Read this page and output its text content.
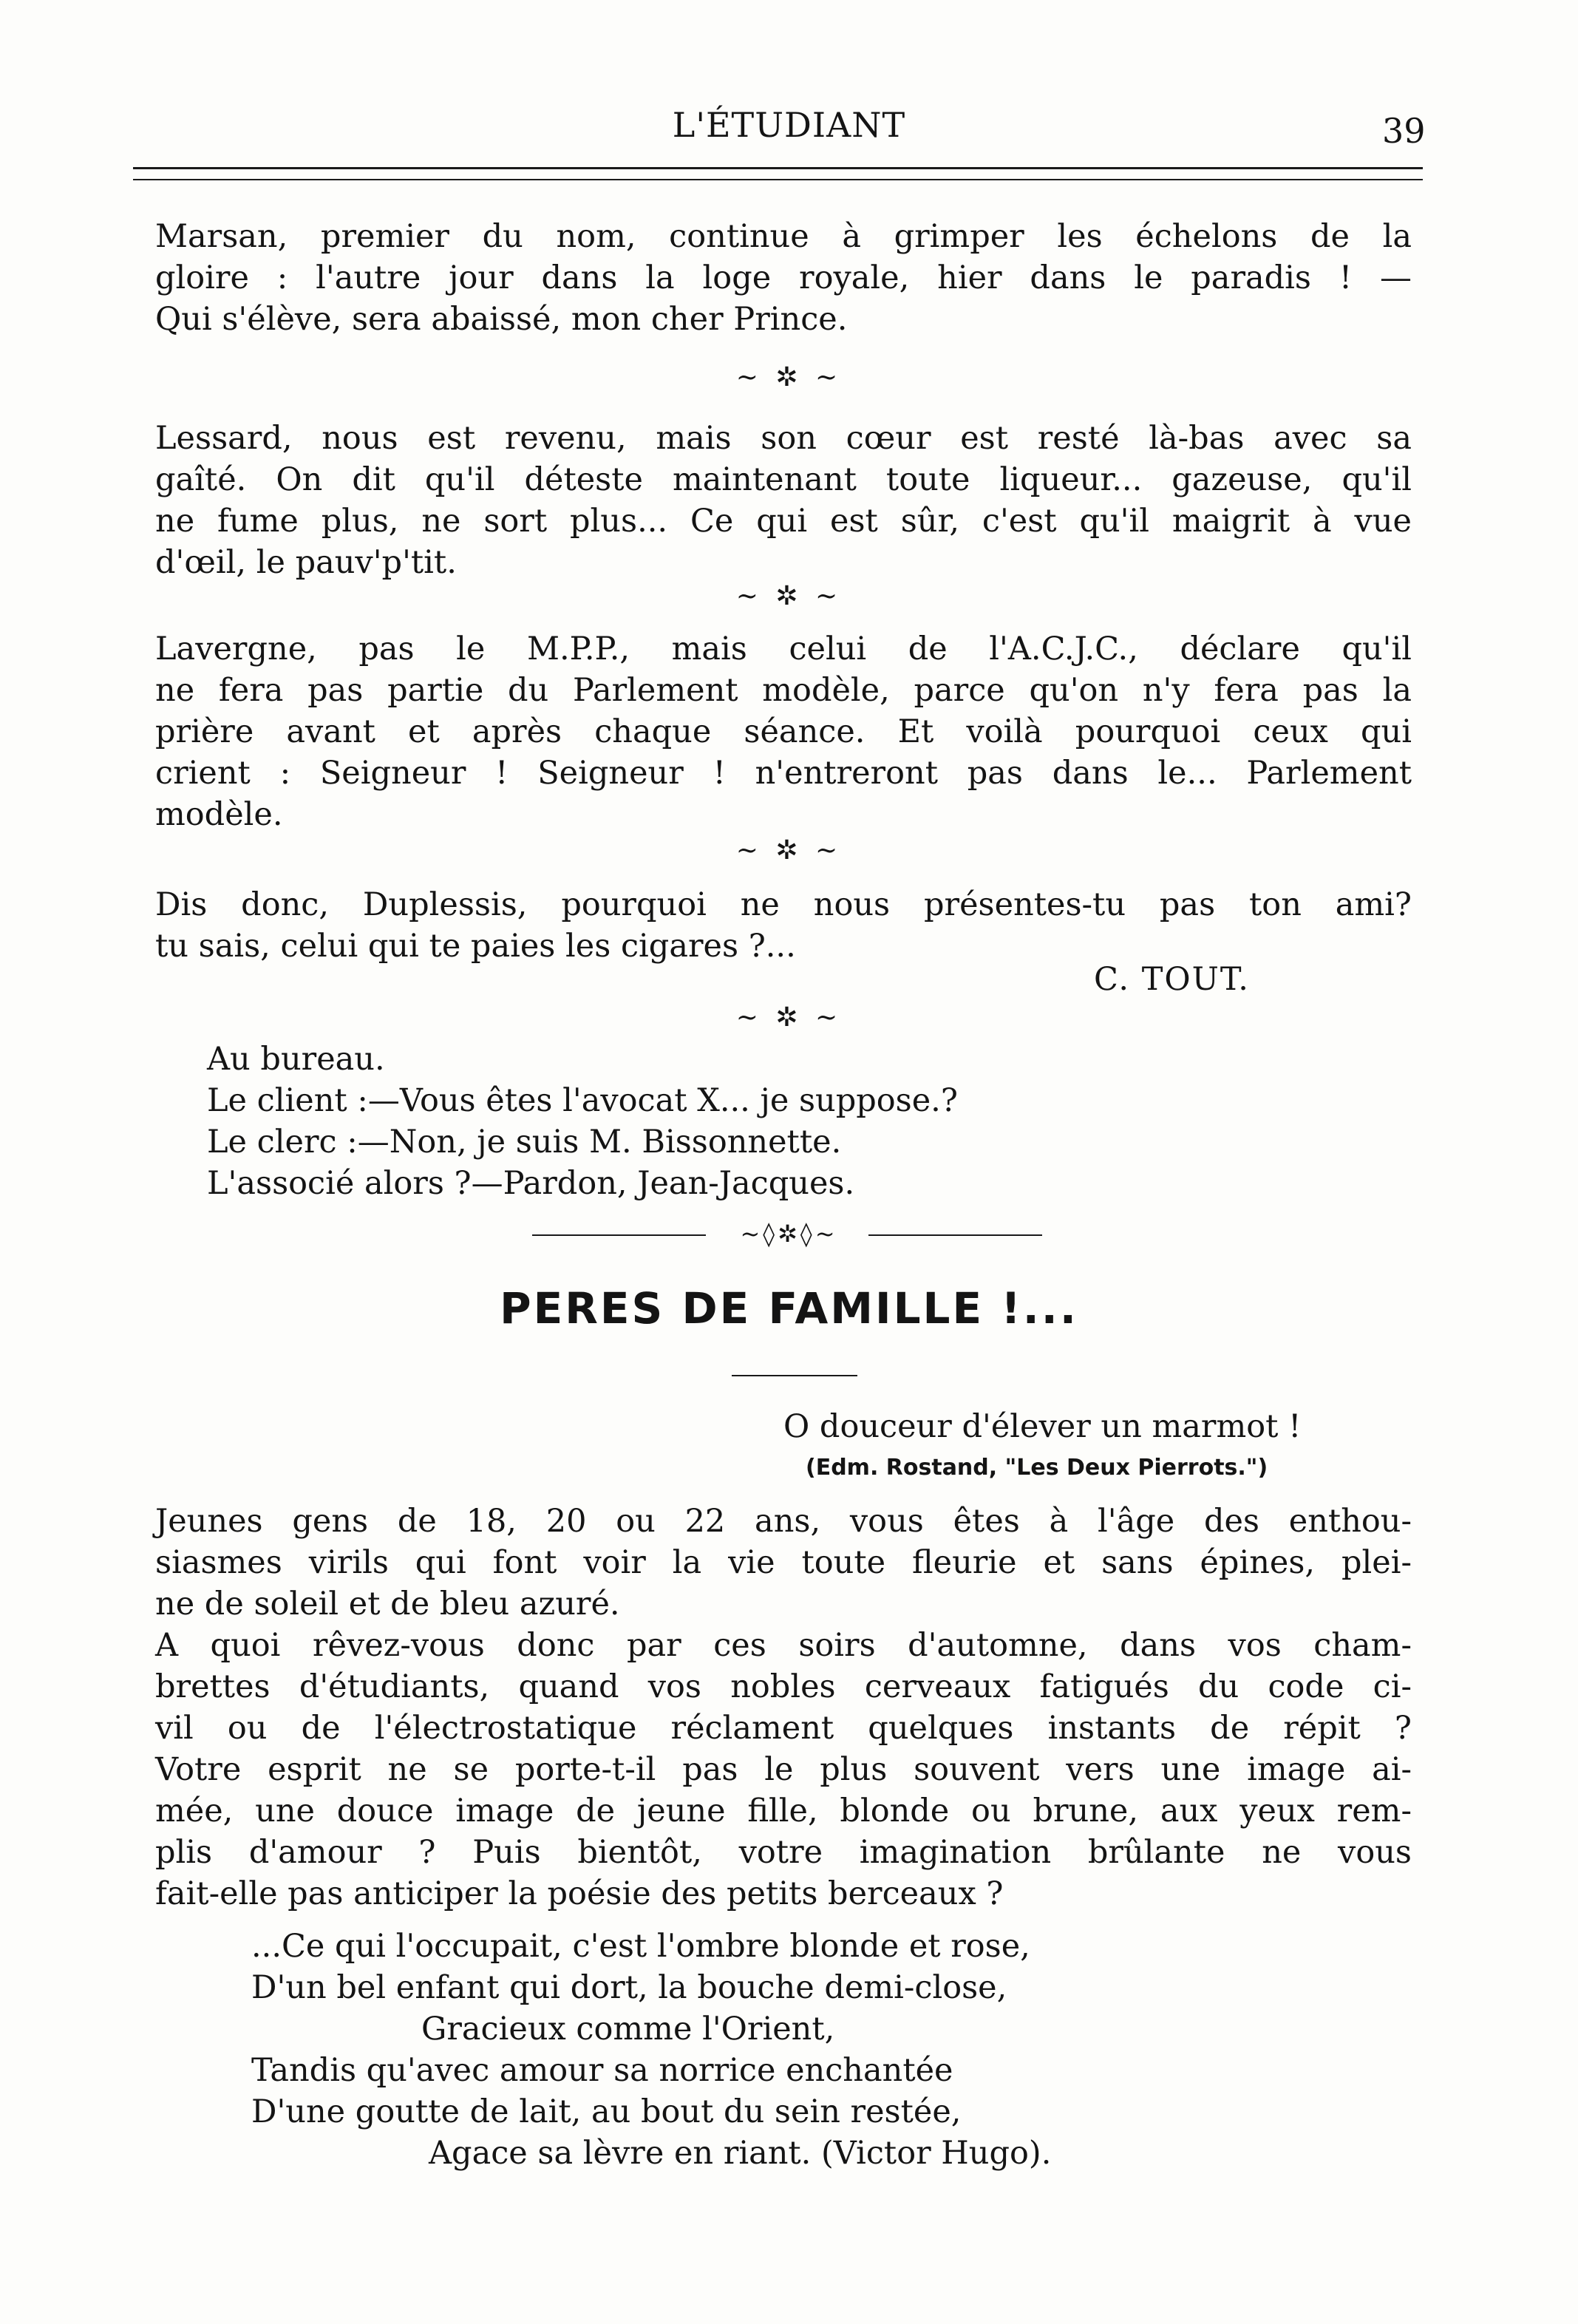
L'ÉTUDIANT	39

Marsan, premier du nom, continue à grimper les échelons de la
gloire : l'autre jour dans la loge royale, hier dans le paradis ! —
Qui s'élève, sera abaissé, mon cher Prince.

~ ✲ ~

Lessard, nous est revenu, mais son cœur est resté là-bas avec sa
gaîté. On dit qu'il déteste maintenant toute liqueur... gazeuse, qu'il
ne fume plus, ne sort plus... Ce qui est sûr, c'est qu'il maigrit à vue
d'œil, le pauv'p'tit.

~ ✲ ~

Lavergne, pas le M.P.P., mais celui de l'A.C.J.C., déclare qu'il
ne fera pas partie du Parlement modèle, parce qu'on n'y fera pas la
prière avant et après chaque séance. Et voilà pourquoi ceux qui
crient : Seigneur ! Seigneur ! n'entreront pas dans le... Parlement
modèle.

~ ✲ ~

Dis donc, Duplessis, pourquoi ne nous présentes-tu pas ton ami?
tu sais, celui qui te paies les cigares ?...

C. TOUT.
~ ✲ ~
Au bureau.
Le client :—Vous êtes l'avocat X... je suppose.?
Le clerc :—Non, je suis M. Bissonnette.
L'associé alors ?—Pardon, Jean-Jacques.
~◊✲◊~
PERES DE FAMILLE !...
O douceur d'élever un marmot !
(Edm. Rostand, "Les Deux Pierrots.")

Jeunes gens de 18, 20 ou 22 ans, vous êtes à l'âge des enthou-
siasmes virils qui font voir la vie toute fleurie et sans épines, plei-
ne de soleil et de bleu azuré.

A quoi rêvez-vous donc par ces soirs d'automne, dans vos cham-
brettes d'étudiants, quand vos nobles cerveaux fatigués du code ci-
vil ou de l'électrostatique réclament quelques instants de répit ?
Votre esprit ne se porte-t-il pas le plus souvent vers une image ai-
mée, une douce image de jeune fille, blonde ou brune, aux yeux rem-
plis d'amour ? Puis bientôt, votre imagination brûlante ne vous
fait-elle pas anticiper la poésie des petits berceaux ?

...Ce qui l'occupait, c'est l'ombre blonde et rose,
D'un bel enfant qui dort, la bouche demi-close,
Gracieux comme l'Orient,
Tandis qu'avec amour sa norrice enchantée
D'une goutte de lait, au bout du sein restée,
Agace sa lèvre en riant. (Victor Hugo).
